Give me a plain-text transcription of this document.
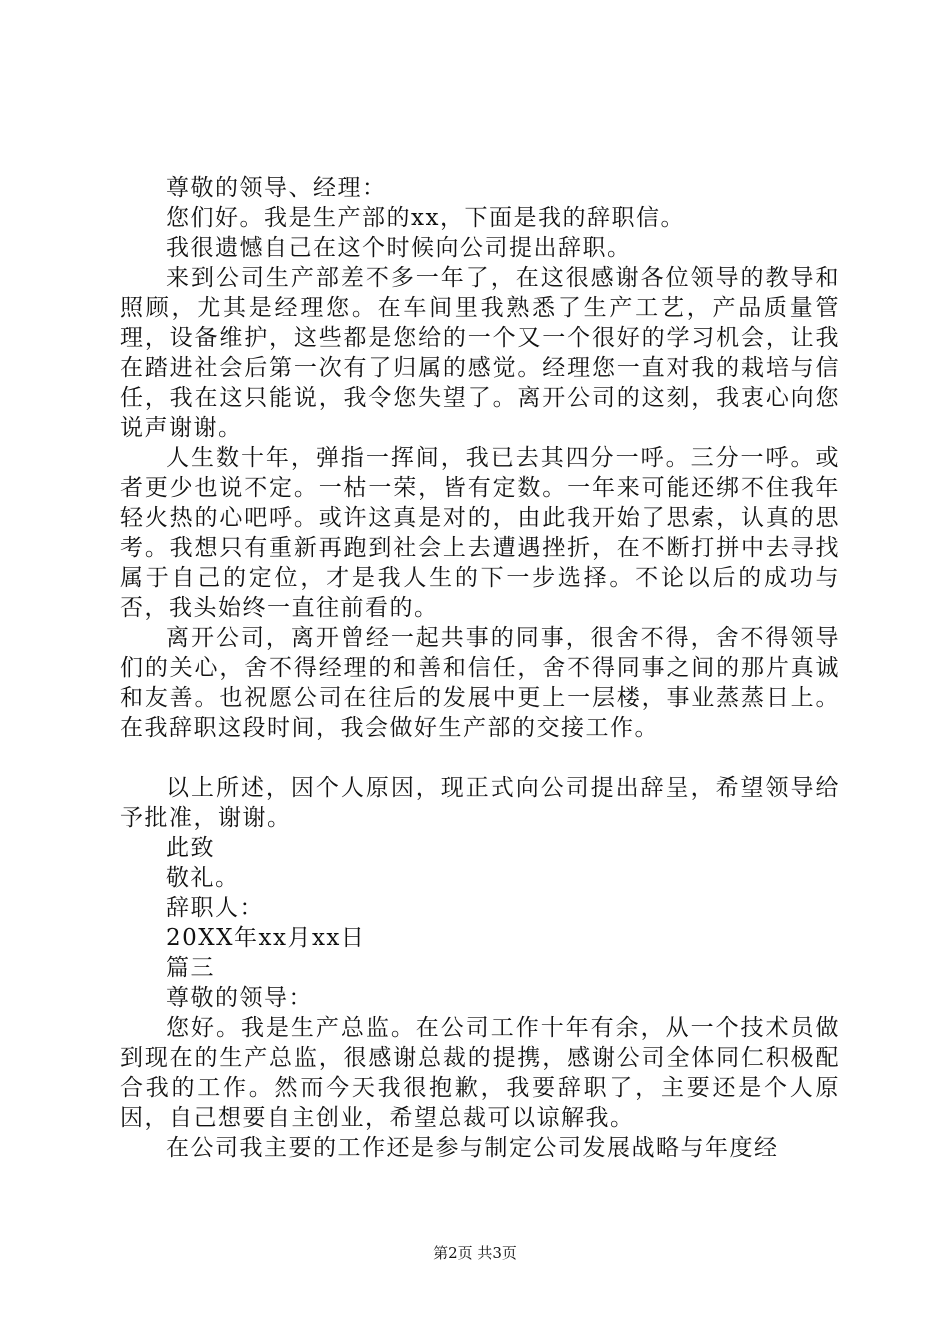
尊敬的领导、经理：

您们好。我是生产部的xx，下面是我的辞职信。

我很遗憾自己在这个时候向公司提出辞职。

来到公司生产部差不多一年了，在这很感谢各位领导的教导和照顾，尤其是经理您。在车间里我熟悉了生产工艺，产品质量管理，设备维护，这些都是您给的一个又一个很好的学习机会，让我在踏进社会后第一次有了归属的感觉。经理您一直对我的栽培与信任，我在这只能说，我令您失望了。离开公司的这刻，我衷心向您说声谢谢。

人生数十年，弹指一挥间，我已去其四分一呼。三分一呼。或者更少也说不定。一枯一荣，皆有定数。一年来可能还绑不住我年轻火热的心吧呼。或许这真是对的，由此我开始了思索，认真的思考。我想只有重新再跑到社会上去遭遇挫折，在不断打拼中去寻找属于自己的定位，才是我人生的下一步选择。不论以后的成功与否，我头始终一直往前看的。

离开公司，离开曾经一起共事的同事，很舍不得，舍不得领导们的关心，舍不得经理的和善和信任，舍不得同事之间的那片真诚和友善。也祝愿公司在往后的发展中更上一层楼，事业蒸蒸日上。在我辞职这段时间，我会做好生产部的交接工作。

以上所述，因个人原因，现正式向公司提出辞呈，希望领导给予批准，谢谢。

此致

敬礼。

辞职人：

20XX年xx月xx日

篇三

尊敬的领导：

您好。我是生产总监。在公司工作十年有余，从一个技术员做到现在的生产总监，很感谢总裁的提携，感谢公司全体同仁积极配合我的工作。然而今天我很抱歉，我要辞职了，主要还是个人原因，自己想要自主创业，希望总裁可以谅解我。

在公司我主要的工作还是参与制定公司发展战略与年度经

第2页 共3页
